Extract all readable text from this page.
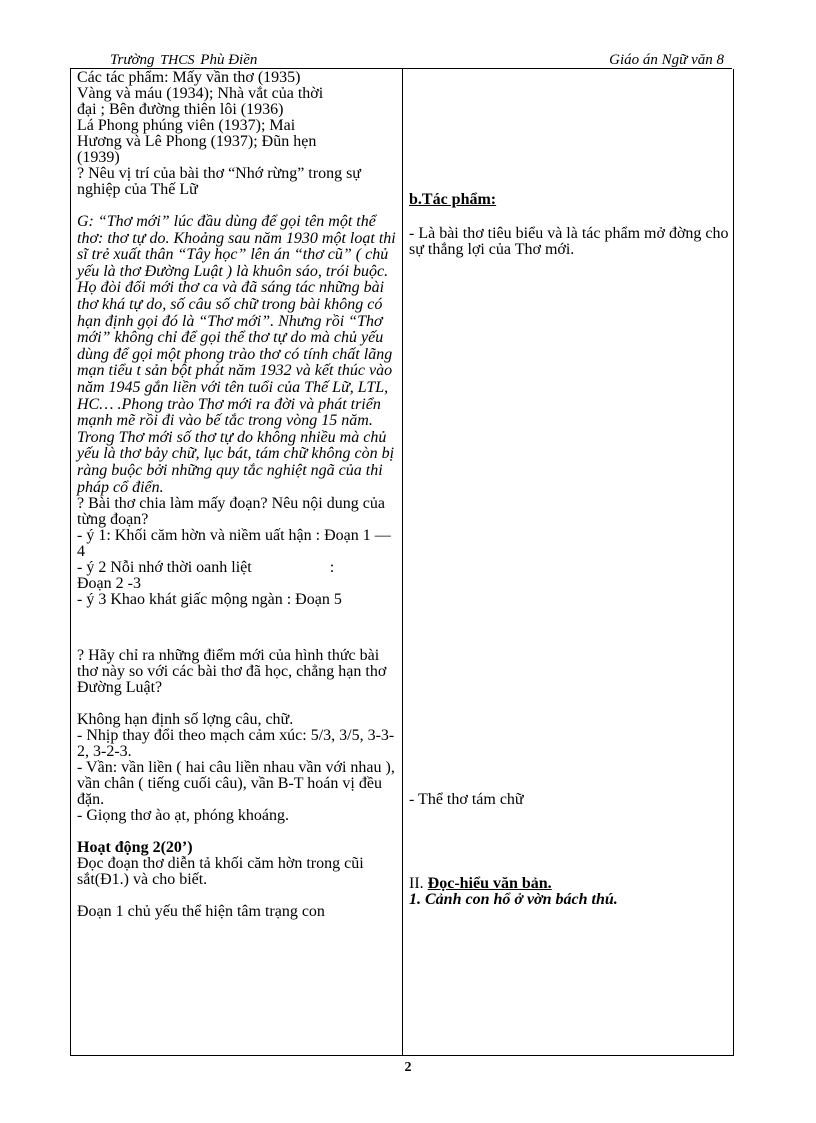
Trường THCS Phù Điền	Giáo án Ngữ văn 8

Các tác phẩm: Mấy vần thơ (1935)

Vàng và máu (1934); Nhà vắt của thời

đại ; Bên đường thiên lôi (1936)

Lá Phong phúng viên (1937); Mai

Hương và Lê Phong (1937); Đũn hẹn

(1939)

? Nêu vị trí của bài thơ “Nhớ rừng” trong sự nghiệp của Thế Lữ

G: “Thơ mới” lúc đầu dùng để gọi tên một thể thơ: thơ tự do. Khoảng sau năm 1930 một loạt thi sĩ trẻ xuất thân “Tây học” lên án “thơ cũ” ( chủ yếu là thơ Đường Luật ) là khuôn sáo, trói buộc. Họ đòi đổi mới thơ ca và đã sáng tác những bài thơ khá tự do, số câu số chữ trong bài không có hạn định gọi đó là “Thơ mới”. Nhưng rồi “Thơ mới” không chỉ để gọi thể thơ tự do mà chủ yếu dùng để gọi một phong trào thơ có tính chất lãng mạn tiểu t sản bột phát năm 1932 và kết thúc vào năm 1945 gắn liền với tên tuổi của Thế Lữ, LTL, HC… .Phong trào Thơ mới ra đời và phát triển mạnh mẽ rồi đi vào bế tắc trong vòng 15 năm. Trong Thơ mới số thơ tự do không nhiều mà chủ yếu là thơ bảy chữ, lục bát, tám chữ không còn bị ràng buộc bởi những quy tắc nghiệt ngã của thi pháp cổ điển.

? Bài thơ chia làm mấy đoạn? Nêu nội dung của từng đoạn?

- ý 1: Khối căm hờn và niềm uất hận : Đoạn 1 — 4

- ý 2 Nỗi nhớ thời oanh liệt	:

Đoạn 2 -3

- ý 3 Khao khát giấc mộng ngàn : Đoạn 5

? Hãy chỉ ra những điểm mới của hình thức bài thơ này so với các bài thơ đã học, chẳng hạn thơ Đường Luật?

Không hạn định số lợng câu, chữ.

- Nhịp thay đổi theo mạch cảm xúc: 5/3, 3/5, 3-3-2, 3-2-3.

- Vần: vần liền ( hai câu liền nhau vần với nhau ), vần chân ( tiếng cuối câu), vần B-T hoán vị đều đặn.

- Giọng thơ ào ạt, phóng khoáng.

Hoạt động 2(20’)

Đọc đoạn thơ diễn tả khối căm hờn trong cũi sắt(Đ1.) và cho biết.

Đoạn 1 chủ yếu thể hiện tâm trạng con

b.Tác phẩm:

- Là bài thơ tiêu biểu và là tác phẩm mở đờng cho sự thắng lợi của Thơ mới.

- Thể thơ tám chữ

II. Đọc-hiểu văn bản.

1. Cảnh con hổ ở vờn bách thú.

2
